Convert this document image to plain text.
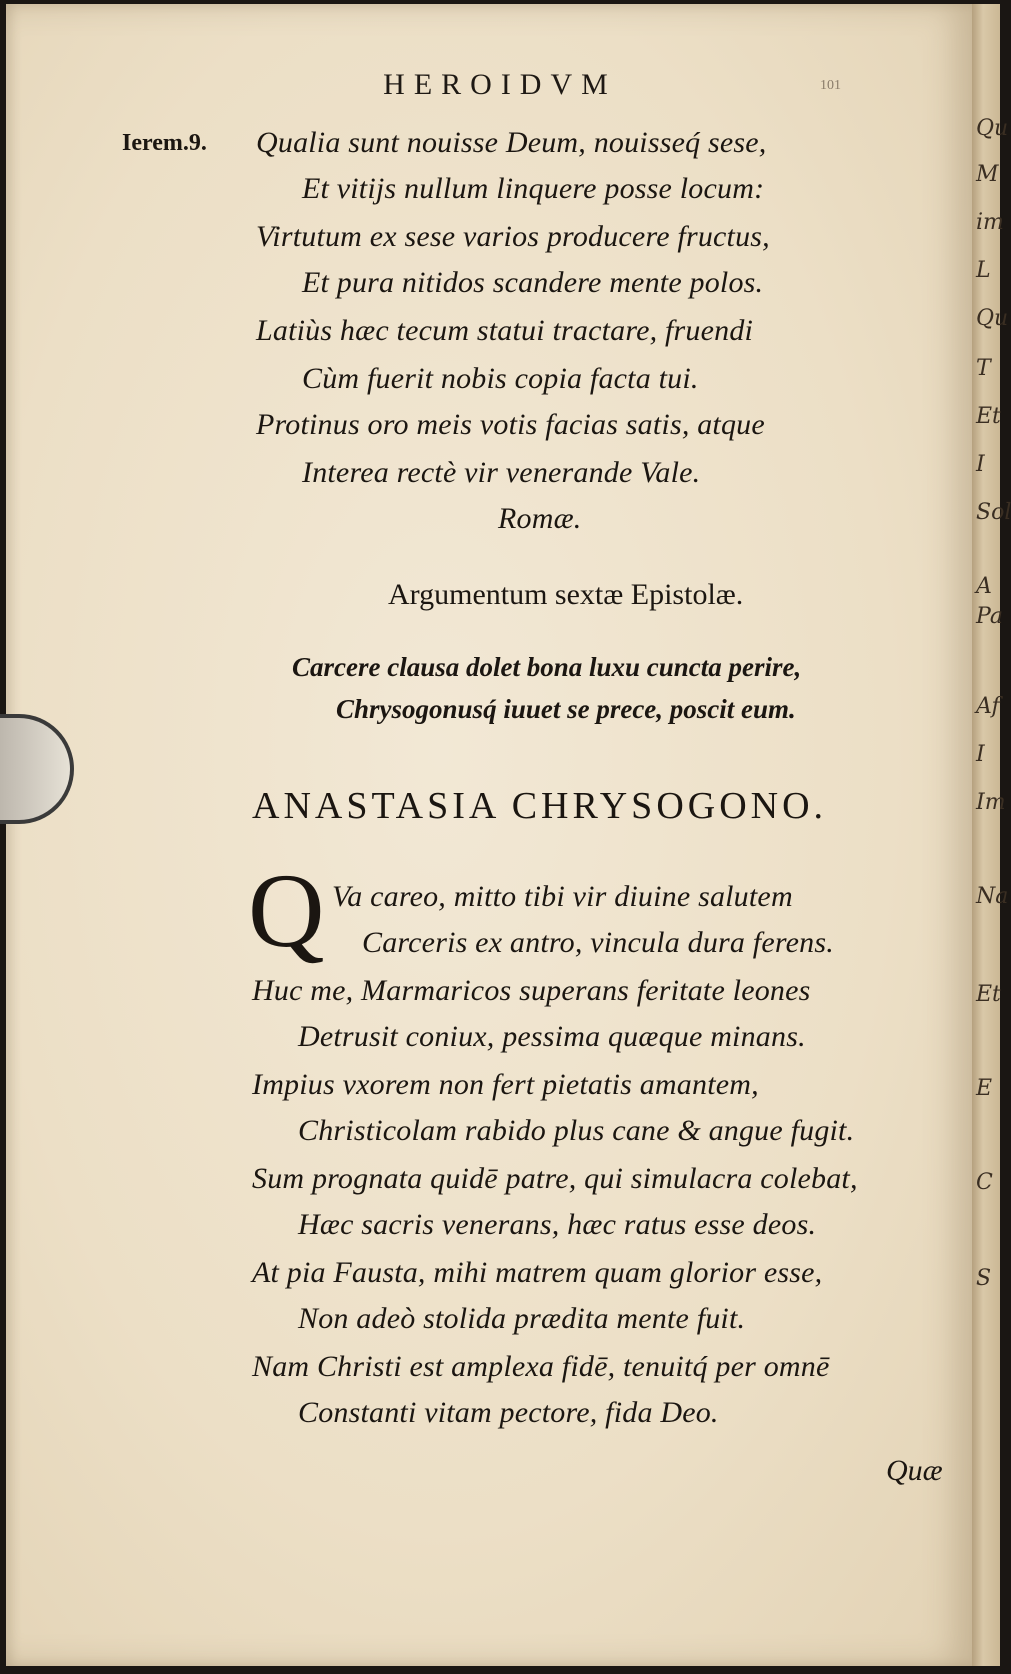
Qu
M
im
L
Qu
T
Et
I
Sol
A
Pa
Af
I
Im
Na
Et
E
C
S

HEROIDVM	101
Ierem.9. Qualia sunt nouisse Deum, nouisseq́ sese,
Et vitijs nullum linquere posse locum:
Virtutum ex sese varios producere fructus,
Et pura nitidos scandere mente polos.
Latiùs hæc tecum statui tractare, fruendi
Cùm fuerit nobis copia facta tui.
Protinus oro meis votis facias satis, atque
Interea rectè vir venerande Vale.
Romæ.
Argumentum sextæ Epistolæ.
Carcere clausa dolet bona luxu cuncta perire,
Chrysogonusq́ iuuet se prece, poscit eum.
ANASTASIA CHRYSOGONO.
Q Va careo, mitto tibi vir diuine salutem
Carceris ex antro, vincula dura ferens.
Huc me, Marmaricos superans feritate leones
Detrusit coniux, pessima quæque minans.
Impius vxorem non fert pietatis amantem,
Christicolam rabido plus cane & angue fugit.
Sum prognata quidē patre, qui simulacra colebat,
Hæc sacris venerans, hæc ratus esse deos.
At pia Fausta, mihi matrem quam glorior esse,
Non adeò stolida prædita mente fuit.
Nam Christi est amplexa fidē, tenuitq́ per omnē
Constanti vitam pectore, fida Deo.
Quæ
